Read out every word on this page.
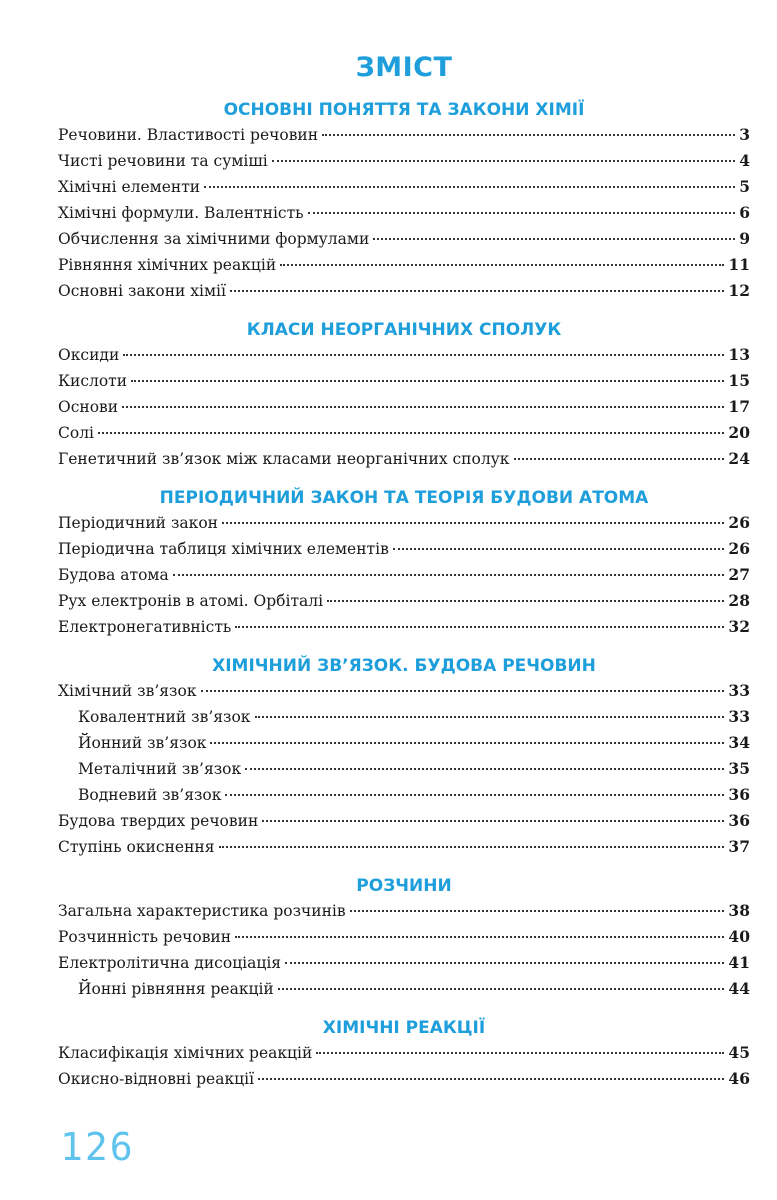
ЗМІСТ
ОСНОВНІ ПОНЯТТЯ ТА ЗАКОНИ ХІМІЇ
Речовини. Властивості речовин	3
Чисті речовини та суміші	4
Хімічні елементи	5
Хімічні формули. Валентність	6
Обчислення за хімічними формулами	9
Рівняння хімічних реакцій	11
Основні закони хімії	12
КЛАСИ НЕОРГАНІЧНИХ СПОЛУК
Оксиди	13
Кислоти	15
Основи	17
Солі	20
Генетичний зв’язок між класами неорганічних сполук	24
ПЕРІОДИЧНИЙ ЗАКОН ТА ТЕОРІЯ БУДОВИ АТОМА
Періодичний закон	26
Періодична таблиця хімічних елементів	26
Будова атома	27
Рух електронів в атомі. Орбіталі	28
Електронегативність	32
ХІМІЧНИЙ ЗВ’ЯЗОК. БУДОВА РЕЧОВИН
Хімічний зв’язок	33
Ковалентний зв’язок	33
Йонний зв’язок	34
Металічний зв’язок	35
Водневий зв’язок	36
Будова твердих речовин	36
Ступінь окиснення	37
РОЗЧИНИ
Загальна характеристика розчинів	38
Розчинність речовин	40
Електролітична дисоціація	41
Йонні рівняння реакцій	44
ХІМІЧНІ РЕАКЦІЇ
Класифікація хімічних реакцій	45
Окисно-відновні реакції	46
126
